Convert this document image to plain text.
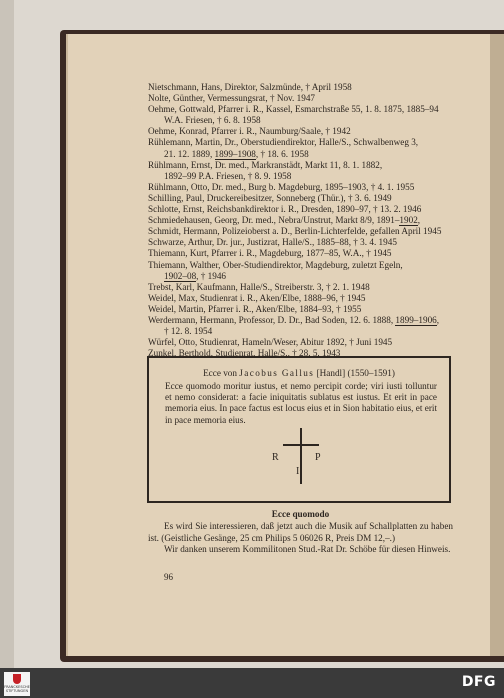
Nietschmann, Hans, Direktor, Salzmünde, † April 1958

Nolte, Günther, Vermessungsrat, † Nov. 1947

Oehme, Gottwald, Pfarrer i. R., Kassel, Esmarchstraße 55, 1. 8. 1875, 1885–94

W.A. Friesen, † 6. 8. 1958

Oehme, Konrad, Pfarrer i. R., Naumburg/Saale, † 1942

Rühlemann, Martin, Dr., Oberstudiendirektor, Halle/S., Schwalbenweg 3,

21. 12. 1889, 1899–1908, † 18. 6. 1958

Rühlmann, Ernst, Dr. med., Markranstädt, Markt 11, 8. 1. 1882,

1892–99 P.A. Friesen, † 8. 9. 1958

Rühlmann, Otto, Dr. med., Burg b. Magdeburg, 1895–1903, † 4. 1. 1955

Schilling, Paul, Druckereibesitzer, Sonneberg (Thür.), † 3. 6. 1949

Schlotte, Ernst, Reichsbankdirektor i. R., Dresden, 1890–97, † 13. 2. 1946

Schmiedehausen, Georg, Dr. med., Nebra/Unstrut, Markt 8/9, 1891–1902,

Schmidt, Hermann, Polizeioberst a. D., Berlin-Lichterfelde, gefallen April 1945

Schwarze, Arthur, Dr. jur., Justizrat, Halle/S., 1885–88, † 3. 4. 1945

Thiemann, Kurt, Pfarrer i. R., Magdeburg, 1877–85, W.A., † 1945

Thiemann, Walther, Ober-Studiendirektor, Magdeburg, zuletzt Egeln,

1902–08, † 1946

Trebst, Karl, Kaufmann, Halle/S., Streiberstr. 3, † 2. 1. 1948

Weidel, Max, Studienrat i. R., Aken/Elbe, 1888–96, † 1945

Weidel, Martin, Pfarrer i. R., Aken/Elbe, 1884–93, † 1955

Werdermann, Hermann, Professor, D. Dr., Bad Soden, 12. 6. 1888, 1899–1906,

† 12. 8. 1954

Würfel, Otto, Studienrat, Hameln/Weser, Abitur 1892, † Juni 1945

Zunkel, Berthold, Studienrat, Halle/S., † 28. 5. 1943

Ecce von Jacobus Gallus [Handl] (1550–1591)
Ecce quomodo moritur iustus, et nemo percipit corde; viri iusti tolluntur et nemo considerat: a facie iniquitatis sublatus est iustus. Et erit in pace memoria eius. In pace factus est locus eius et in Sion habitatio eius, et erit in pace memoria eius.
R	P
I
Ecce quomodo

Es wird Sie interessieren, daß jetzt auch die Musik auf Schallplatten zu haben ist. (Geistliche Gesänge, 25 cm Philips 5 06026 R, Preis DM 12,–.)

Wir danken unserem Kommilitonen Stud.-Rat Dr. Schöbe für diesen Hinweis.

96
FRANCKESCHE
STIFTUNGEN
DFG
